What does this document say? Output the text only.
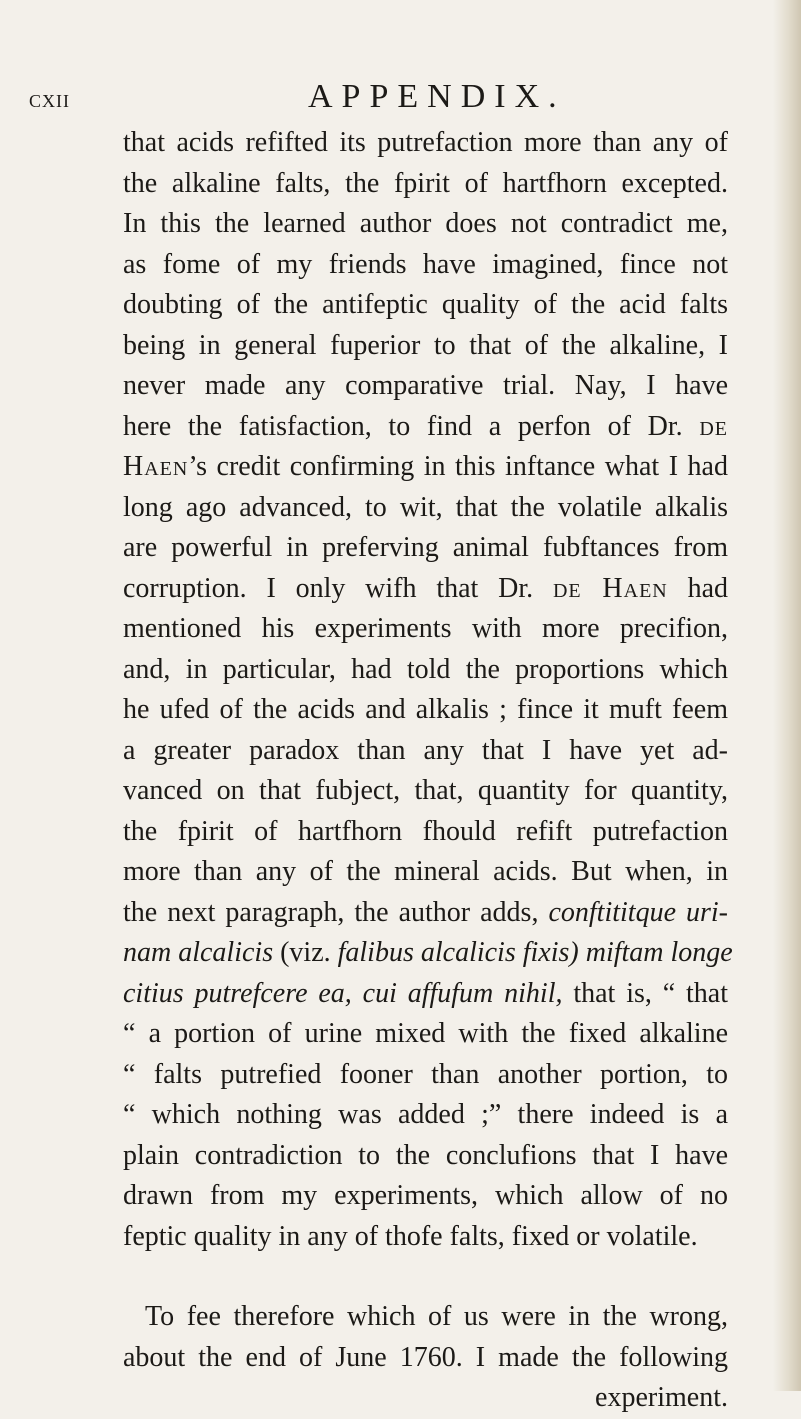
cxii	APPENDIX.
that acids refifted its putrefaction more than any of
the alkaline falts, the fpirit of hartfhorn excepted.
In this the learned author does not contradict me,
as fome of my friends have imagined, fince not
doubting of the antifeptic quality of the acid falts
being in general fuperior to that of the alkaline, I
never made any comparative trial. Nay, I have
here the fatisfaction, to find a perfon of Dr. de
Haen’s credit confirming in this inftance what I had
long ago advanced, to wit, that the volatile alkalis
are powerful in preferving animal fubftances from
corruption. I only wifh that Dr. de Haen had
mentioned his experiments with more precifion,
and, in particular, had told the proportions which
he ufed of the acids and alkalis ; fince it muft feem
a greater paradox than any that I have yet ad-
vanced on that fubject, that, quantity for quantity,
the fpirit of hartfhorn fhould refift putrefaction
more than any of the mineral acids. But when, in
the next paragraph, the author adds, conftititque uri-
nam alcalicis (viz. falibus alcalicis fixis) miftam longe
citius putrefcere ea, cui affufum nihil, that is, “ that
“ a portion of urine mixed with the fixed alkaline
“ falts putrefied fooner than another portion, to
“ which nothing was added ;” there indeed is a
plain contradiction to the conclufions that I have
drawn from my experiments, which allow of no
feptic quality in any of thofe falts, fixed or volatile.
To fee therefore which of us were in the wrong,
about the end of June 1760. I made the following
experiment.
